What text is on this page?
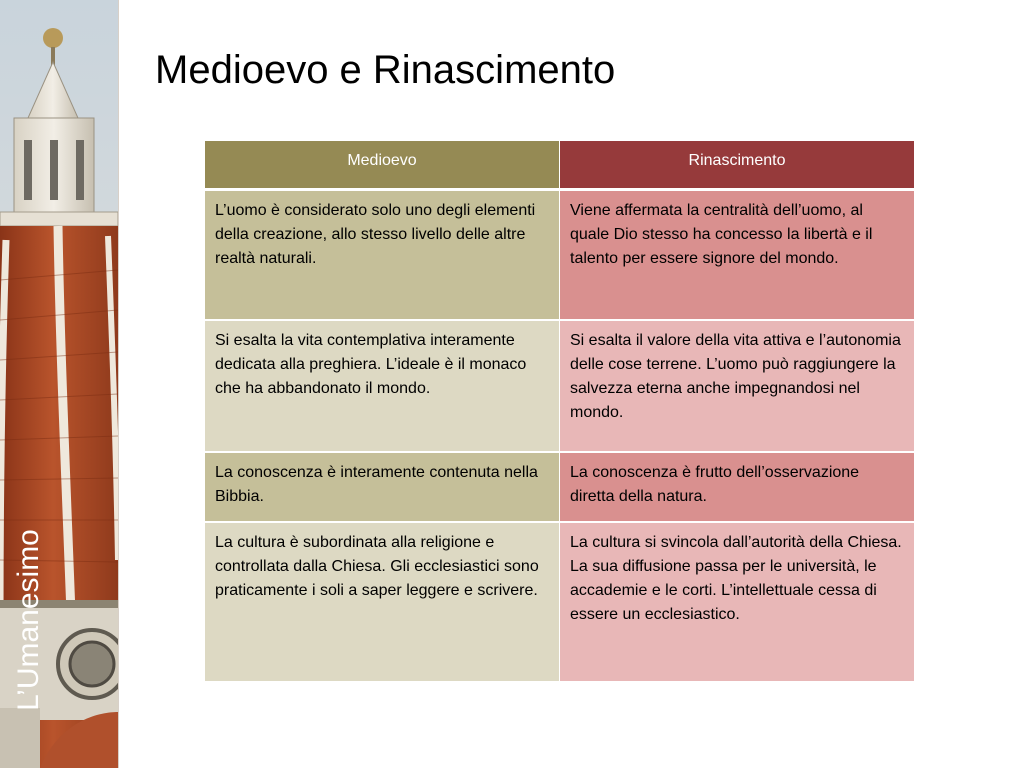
L’Umanesimo
Medioevo e Rinascimento
Medioevo	Rinascimento
L’uomo è considerato solo uno degli elementi della creazione, allo stesso livello delle altre realtà naturali.	Viene affermata la centralità dell’uomo, al quale Dio stesso ha concesso la libertà e il talento per essere signore del mondo.
Si esalta la vita contemplativa interamente dedicata alla preghiera. L’ideale è il monaco che ha abbandonato il mondo.	Si esalta il valore della vita attiva e l’autonomia delle cose terrene. L’uomo può raggiungere la salvezza eterna anche impegnandosi nel mondo.
La conoscenza è interamente contenuta nella Bibbia.	La conoscenza è frutto dell’osservazione diretta della natura.
La cultura è subordinata alla religione e controllata dalla Chiesa. Gli ecclesiastici sono praticamente i soli a saper leggere e scrivere.	La cultura si svincola dall’autorità della Chiesa. La sua diffusione passa per le università, le accademie e le corti. L’intellettuale cessa di essere un ecclesiastico.
